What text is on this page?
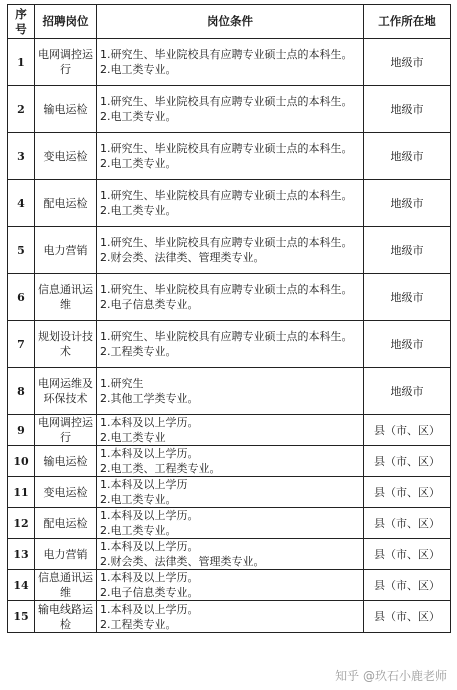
序号	招聘岗位	岗位条件	工作所在地
1	电网调控运行	1.研究生、毕业院校具有应聘专业硕士点的本科生。
2.电工类专业。	地级市
2	输电运检	1.研究生、毕业院校具有应聘专业硕士点的本科生。
2.电工类专业。	地级市
3	变电运检	1.研究生、毕业院校具有应聘专业硕士点的本科生。
2.电工类专业。	地级市
4	配电运检	1.研究生、毕业院校具有应聘专业硕士点的本科生。
2.电工类专业。	地级市
5	电力营销	1.研究生、毕业院校具有应聘专业硕士点的本科生。
2.财会类、法律类、管理类专业。	地级市
6	信息通讯运维	1.研究生、毕业院校具有应聘专业硕士点的本科生。
2.电子信息类专业。	地级市
7	规划设计技术	1.研究生、毕业院校具有应聘专业硕士点的本科生。
2.工程类专业。	地级市
8	电网运维及环保技术	1.研究生
2.其他工学类专业。	地级市
9	电网调控运行	1.本科及以上学历。
2.电工类专业	县（市、区）
10	输电运检	1.本科及以上学历。
2.电工类、工程类专业。	县（市、区）
11	变电运检	1.本科及以上学历
2.电工类专业。	县（市、区）
12	配电运检	1.本科及以上学历。
2.电工类专业。	县（市、区）
13	电力营销	1.本科及以上学历。
2.财会类、法律类、管理类专业。	县（市、区）
14	信息通讯运维	1.本科及以上学历。
2.电子信息类专业。	县（市、区）
15	输电线路运检	1.本科及以上学历。
2.工程类专业。	县（市、区）
知乎 @玖石小鹿老师
